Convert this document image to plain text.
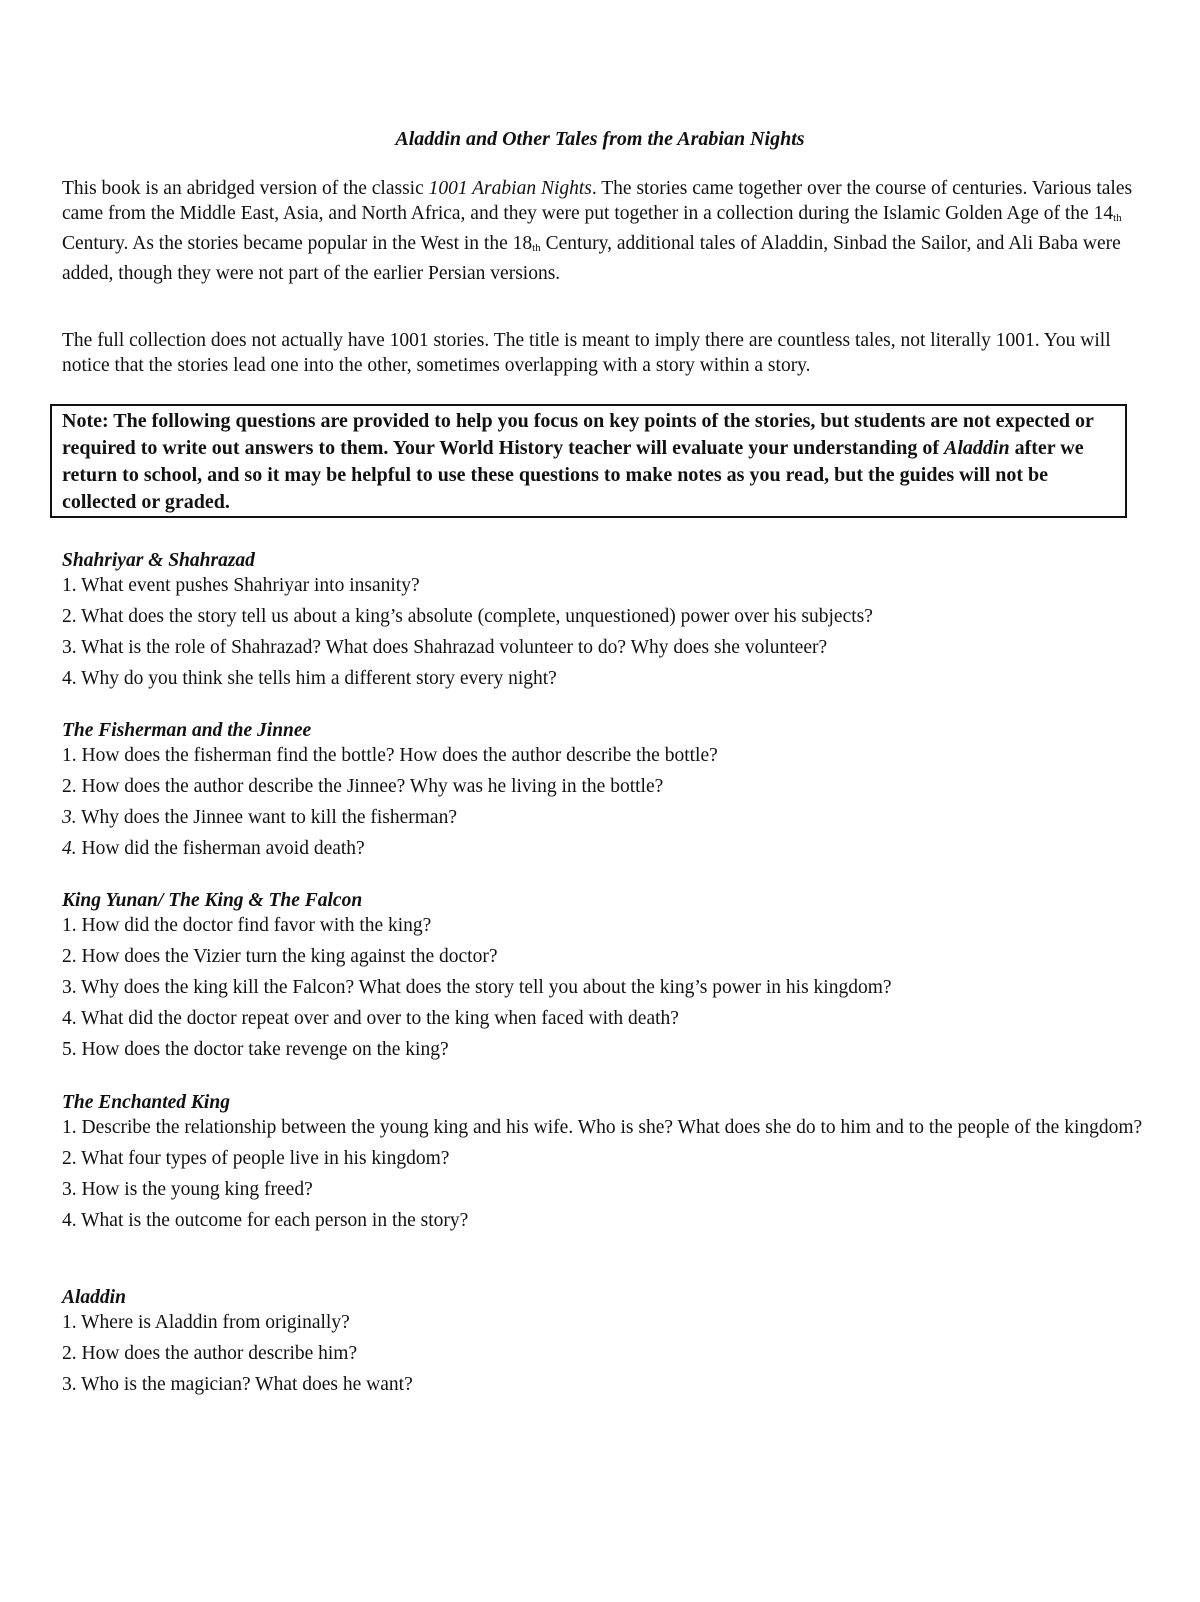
Aladdin and Other Tales from the Arabian Nights

This book is an abridged version of the classic 1001 Arabian Nights. The stories came together over the course of centuries. Various tales came from the Middle East, Asia, and North Africa, and they were put together in a collection during the Islamic Golden Age of the $14_{th}$ Century. As the stories became popular in the West in the $18_{th}$ Century, additional tales of Aladdin, Sinbad the Sailor, and Ali Baba were added, though they were not part of the earlier Persian versions.

The full collection does not actually have 1001 stories. The title is meant to imply there are countless tales, not literally 1001. You will notice that the stories lead one into the other, sometimes overlapping with a story within a story.

Note: The following questions are provided to help you focus on key points of the stories, but students are not expected or required to write out answers to them. Your World History teacher will evaluate your understanding of Aladdin after we return to school, and so it may be helpful to use these questions to make notes as you read, but the guides will not be collected or graded.
Shahriyar & Shahrazad
1. What event pushes Shahriyar into insanity?
2. What does the story tell us about a king’s absolute (complete, unquestioned) power over his subjects?
3. What is the role of Shahrazad? What does Shahrazad volunteer to do? Why does she volunteer?
4. Why do you think she tells him a different story every night?
The Fisherman and the Jinnee
1. How does the fisherman find the bottle? How does the author describe the bottle?
2. How does the author describe the Jinnee? Why was he living in the bottle?
3. Why does the Jinnee want to kill the fisherman?
4. How did the fisherman avoid death?
King Yunan/ The King & The Falcon
1. How did the doctor find favor with the king?
2. How does the Vizier turn the king against the doctor?
3. Why does the king kill the Falcon? What does the story tell you about the king’s power in his kingdom?
4. What did the doctor repeat over and over to the king when faced with death?
5. How does the doctor take revenge on the king?
The Enchanted King
1. Describe the relationship between the young king and his wife. Who is she? What does she do to him and to the people of the kingdom?
2. What four types of people live in his kingdom?
3. How is the young king freed?
4. What is the outcome for each person in the story?
Aladdin
1. Where is Aladdin from originally?
2. How does the author describe him?
3. Who is the magician? What does he want?
